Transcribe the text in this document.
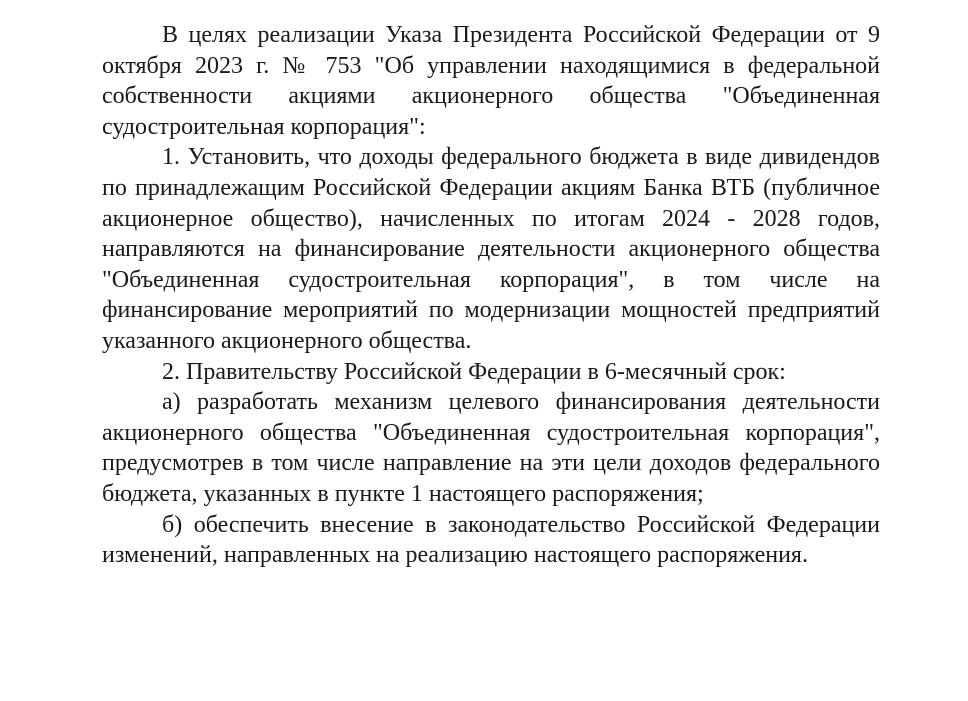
В целях реализации Указа Президента Российской Федерации от 9 октября 2023 г. № 753 "Об управлении находящимися в федеральной собственности акциями акционерного общества "Объединенная судостроительная корпорация":

1. Установить, что доходы федерального бюджета в виде дивидендов по принадлежащим Российской Федерации акциям Банка ВТБ (публичное акционерное общество), начисленных по итогам 2024 - 2028 годов, направляются на финансирование деятельности акционерного общества "Объединенная судостроительная корпорация", в том числе на финансирование мероприятий по модернизации мощностей предприятий указанного акционерного общества.

2. Правительству Российской Федерации в 6-месячный срок:

а) разработать механизм целевого финансирования деятельности акционерного общества "Объединенная судостроительная корпорация", предусмотрев в том числе направление на эти цели доходов федерального бюджета, указанных в пункте 1 настоящего распоряжения;

б) обеспечить внесение в законодательство Российской Федерации изменений, направленных на реализацию настоящего распоряжения.
